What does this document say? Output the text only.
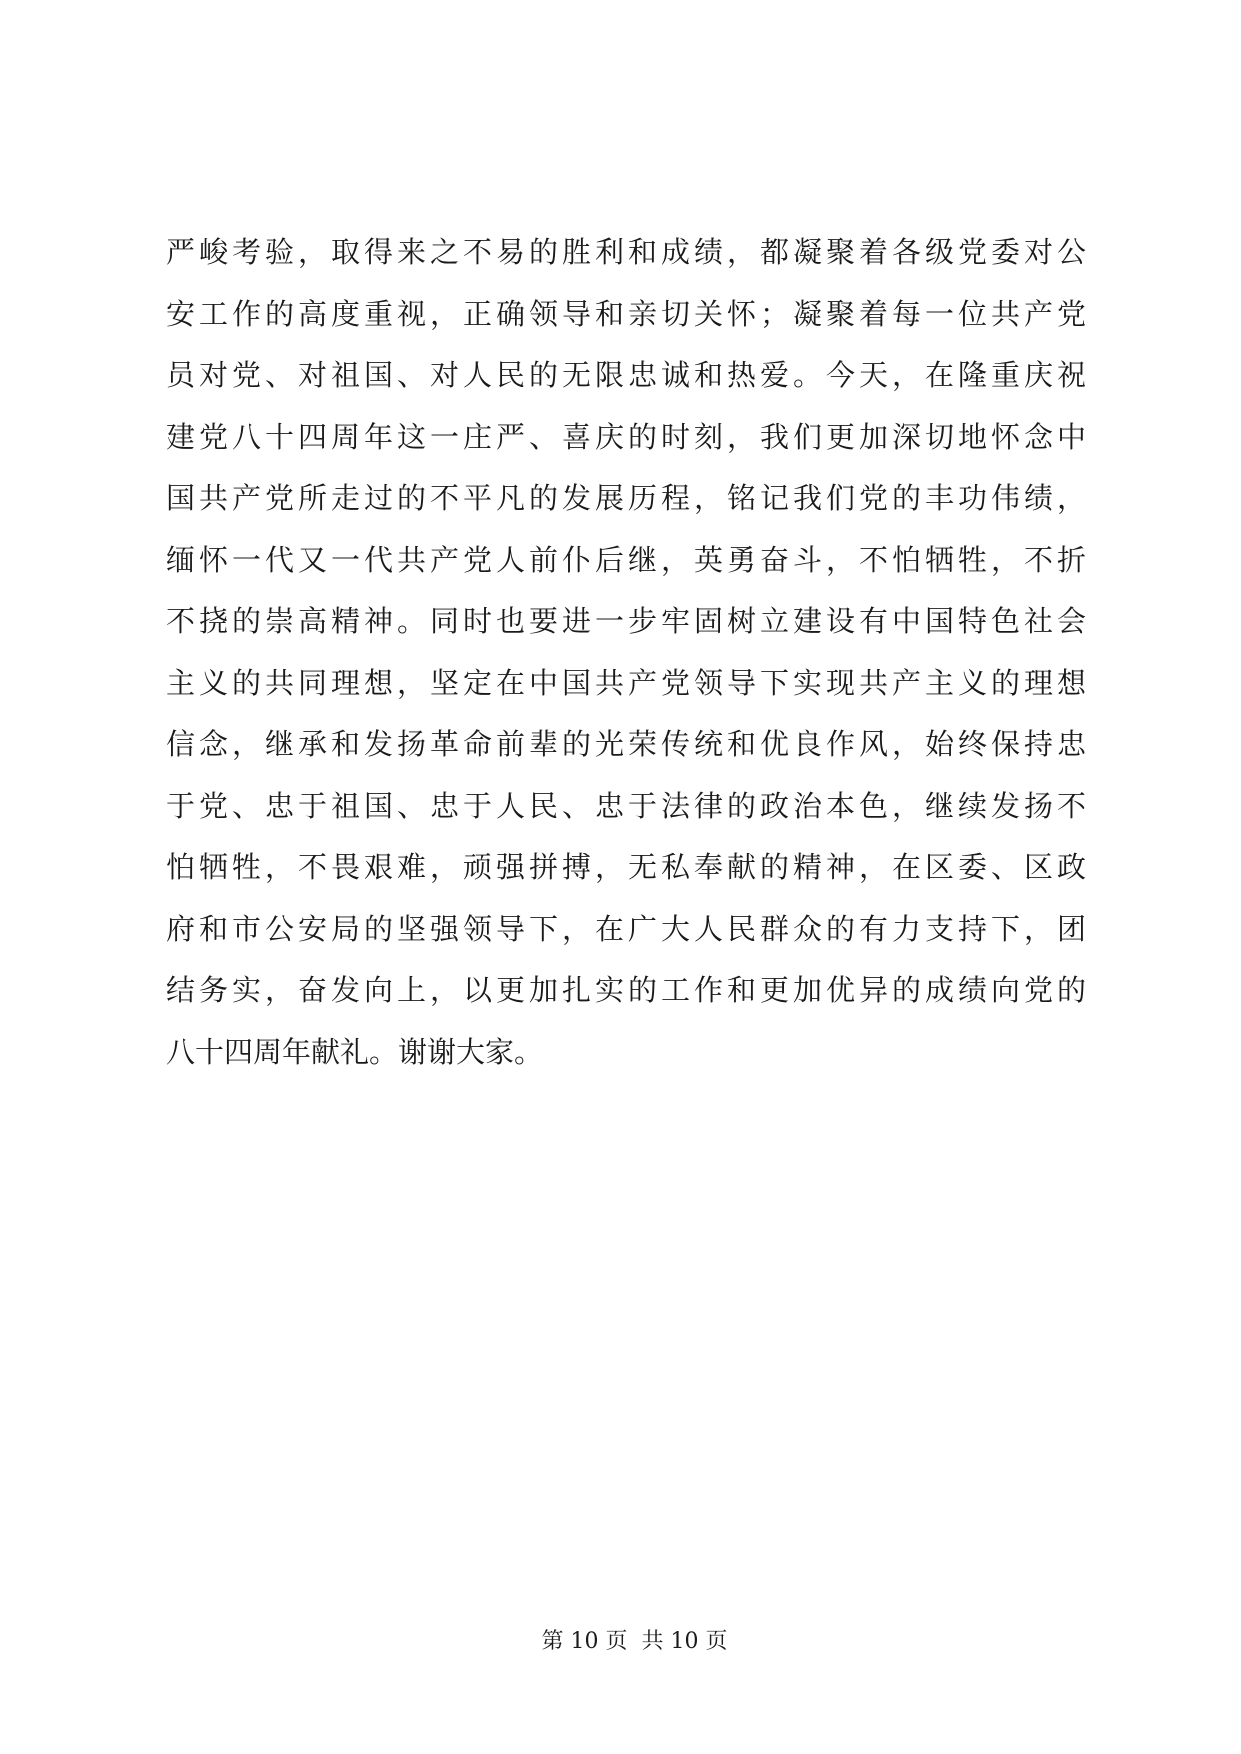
严峻考验，取得来之不易的胜利和成绩，都凝聚着各级党委对公
安工作的高度重视，正确领导和亲切关怀；凝聚着每一位共产党
员对党、对祖国、对人民的无限忠诚和热爱。今天，在隆重庆祝
建党八十四周年这一庄严、喜庆的时刻，我们更加深切地怀念中
国共产党所走过的不平凡的发展历程，铭记我们党的丰功伟绩，
缅怀一代又一代共产党人前仆后继，英勇奋斗，不怕牺牲，不折
不挠的崇高精神。同时也要进一步牢固树立建设有中国特色社会
主义的共同理想，坚定在中国共产党领导下实现共产主义的理想
信念，继承和发扬革命前辈的光荣传统和优良作风，始终保持忠
于党、忠于祖国、忠于人民、忠于法律的政治本色，继续发扬不
怕牺牲，不畏艰难，顽强拼搏，无私奉献的精神，在区委、区政
府和市公安局的坚强领导下，在广大人民群众的有力支持下，团
结务实，奋发向上，以更加扎实的工作和更加优异的成绩向党的
八十四周年献礼。谢谢大家。

第 10 页  共 10 页
